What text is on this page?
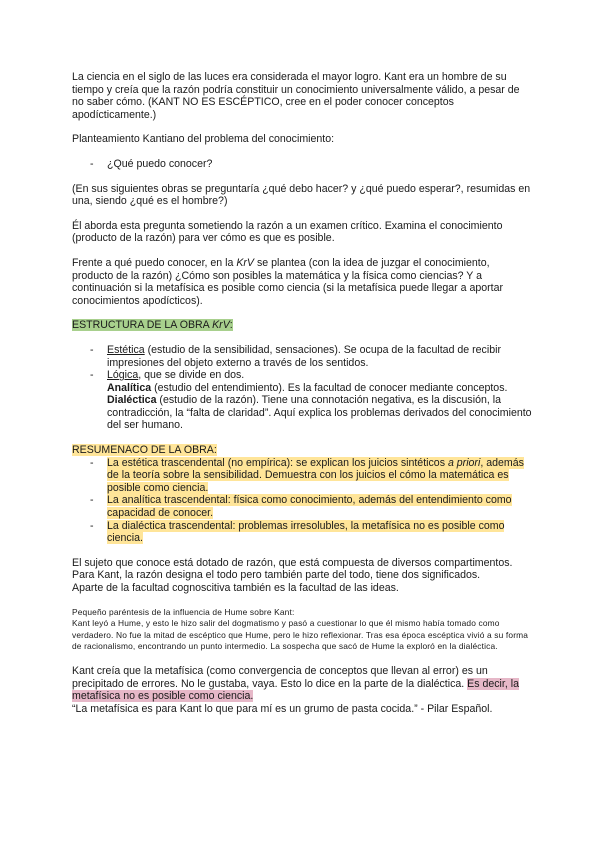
La ciencia en el siglo de las luces era considerada el mayor logro. Kant era un hombre de su tiempo y creía que la razón podría constituir un conocimiento universalmente válido, a pesar de no saber cómo. (KANT NO ES ESCÉPTICO, cree en el poder conocer conceptos apodícticamente.)

Planteamiento Kantiano del problema del conocimiento:

- ¿Qué puedo conocer?

(En sus siguientes obras se preguntaría ¿qué debo hacer? y ¿qué puedo esperar?, resumidas en una, siendo ¿qué es el hombre?)

Él aborda esta pregunta sometiendo la razón a un examen crítico. Examina el conocimiento (producto de la razón) para ver cómo es que es posible.

Frente a qué puedo conocer, en la KrV se plantea (con la idea de juzgar el conocimiento, producto de la razón) ¿Cómo son posibles la matemática y la física como ciencias? Y a continuación si la metafísica es posible como ciencia (si la metafísica puede llegar a aportar conocimientos apodícticos).

ESTRUCTURA DE LA OBRA KrV:

- Estética (estudio de la sensibilidad, sensaciones). Se ocupa de la facultad de recibir impresiones del objeto externo a través de los sentidos.
- Lógica, que se divide en dos.
Analítica (estudio del entendimiento). Es la facultad de conocer mediante conceptos.
Dialéctica (estudio de la razón). Tiene una connotación negativa, es la discusión, la contradicción, la “falta de claridad”. Aquí explica los problemas derivados del conocimiento del ser humano.

RESUMENACO DE LA OBRA:

- La estética trascendental (no empírica): se explican los juicios sintéticos a priori, además de la teoría sobre la sensibilidad. Demuestra con los juicios el cómo la matemática es posible como ciencia.
- La analítica trascendental: física como conocimiento, además del entendimiento como capacidad de conocer.
- La dialéctica trascendental: problemas irresolubles, la metafísica no es posible como ciencia.

El sujeto que conoce está dotado de razón, que está compuesta de diversos compartimentos.

Para Kant, la razón designa el todo pero también parte del todo, tiene dos significados.

Aparte de la facultad cognoscitiva también es la facultad de las ideas.

Pequeño paréntesis de la influencia de Hume sobre Kant:

Kant leyó a Hume, y esto le hizo salir del dogmatismo y pasó a cuestionar lo que él mismo había tomado como verdadero. No fue la mitad de escéptico que Hume, pero le hizo reflexionar. Tras esa época escéptica vivió a su forma de racionalismo, encontrando un punto intermedio. La sospecha que sacó de Hume la exploró en la dialéctica.

Kant creía que la metafísica (como convergencia de conceptos que llevan al error) es un precipitado de errores. No le gustaba, vaya. Esto lo dice en la parte de la dialéctica. Es decir, la metafísica no es posible como ciencia.

“La metafísica es para Kant lo que para mí es un grumo de pasta cocida.” - Pilar Español.
